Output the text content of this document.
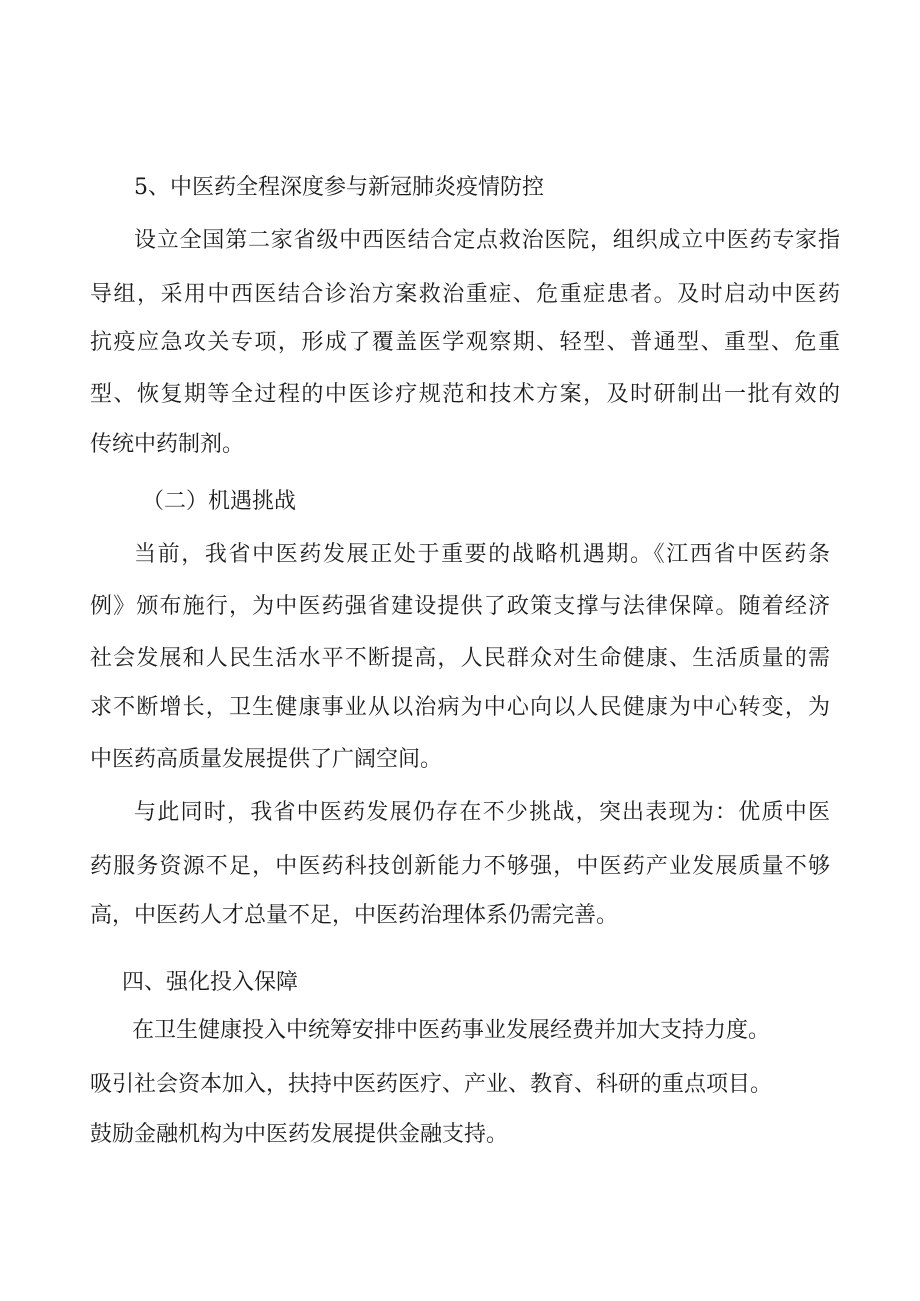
5、中医药全程深度参与新冠肺炎疫情防控
设立全国第二家省级中西医结合定点救治医院，组织成立中医药专家指
导组，采用中西医结合诊治方案救治重症、危重症患者。及时启动中医药
抗疫应急攻关专项，形成了覆盖医学观察期、轻型、普通型、重型、危重
型、恢复期等全过程的中医诊疗规范和技术方案，及时研制出一批有效的
传统中药制剂。
（二）机遇挑战
当前，我省中医药发展正处于重要的战略机遇期。《江西省中医药条
例》颁布施行，为中医药强省建设提供了政策支撑与法律保障。随着经济
社会发展和人民生活水平不断提高，人民群众对生命健康、生活质量的需
求不断增长，卫生健康事业从以治病为中心向以人民健康为中心转变，为
中医药高质量发展提供了广阔空间。
与此同时，我省中医药发展仍存在不少挑战，突出表现为：优质中医
药服务资源不足，中医药科技创新能力不够强，中医药产业发展质量不够
高，中医药人才总量不足，中医药治理体系仍需完善。
四、强化投入保障
在卫生健康投入中统筹安排中医药事业发展经费并加大支持力度。
吸引社会资本加入，扶持中医药医疗、产业、教育、科研的重点项目。
鼓励金融机构为中医药发展提供金融支持。
